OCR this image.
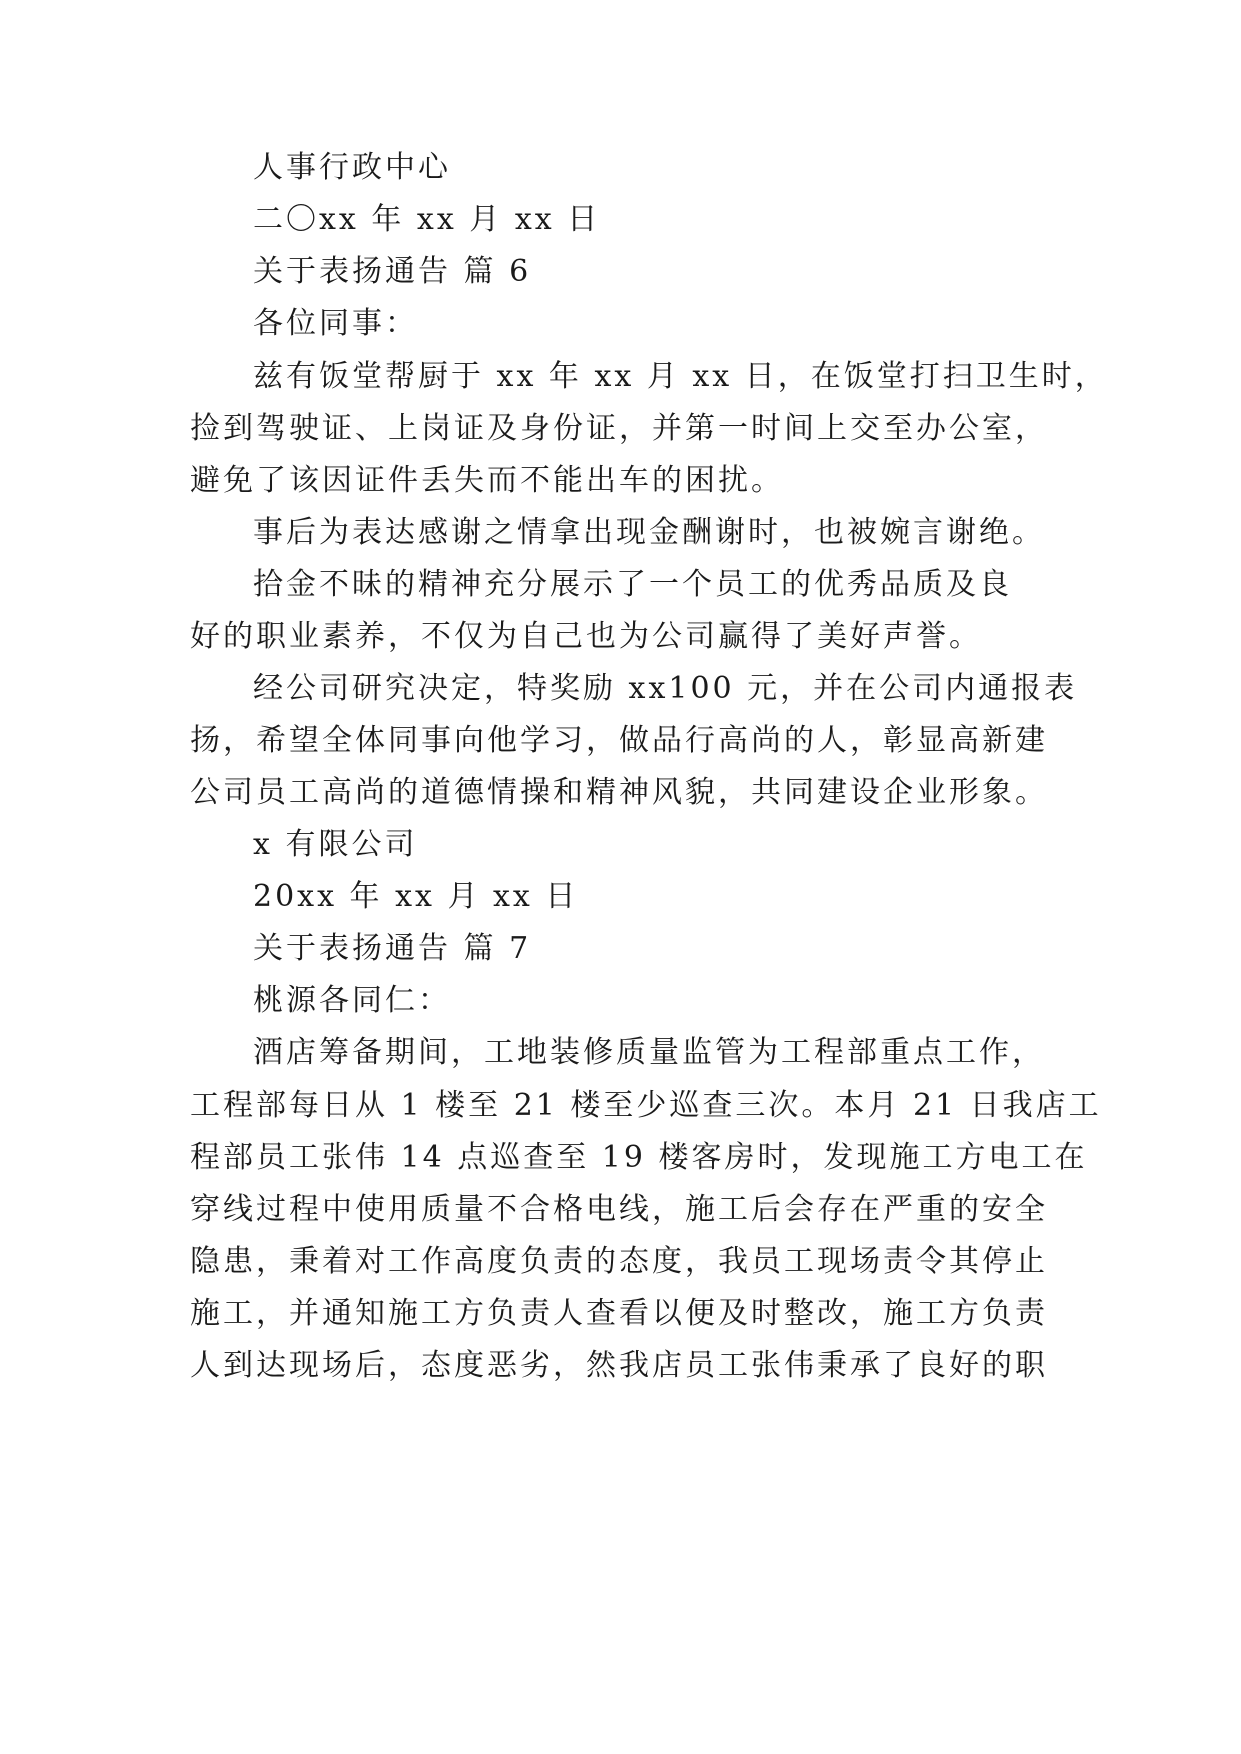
人事行政中心
二〇xx 年 xx 月 xx 日
关于表扬通告 篇 6
各位同事：
兹有饭堂帮厨于 xx 年 xx 月 xx 日，在饭堂打扫卫生时，
捡到驾驶证、上岗证及身份证，并第一时间上交至办公室，
避免了该因证件丢失而不能出车的困扰。
事后为表达感谢之情拿出现金酬谢时，也被婉言谢绝。
拾金不昧的精神充分展示了一个员工的优秀品质及良
好的职业素养，不仅为自己也为公司赢得了美好声誉。
经公司研究决定，特奖励 xx100 元，并在公司内通报表
扬，希望全体同事向他学习，做品行高尚的人，彰显高新建
公司员工高尚的道德情操和精神风貌，共同建设企业形象。
x 有限公司
20xx 年 xx 月 xx 日
关于表扬通告 篇 7
桃源各同仁：
酒店筹备期间，工地装修质量监管为工程部重点工作，
工程部每日从 1 楼至 21 楼至少巡查三次。本月 21 日我店工
程部员工张伟 14 点巡查至 19 楼客房时，发现施工方电工在
穿线过程中使用质量不合格电线，施工后会存在严重的安全
隐患，秉着对工作高度负责的态度，我员工现场责令其停止
施工，并通知施工方负责人查看以便及时整改，施工方负责
人到达现场后，态度恶劣，然我店员工张伟秉承了良好的职
